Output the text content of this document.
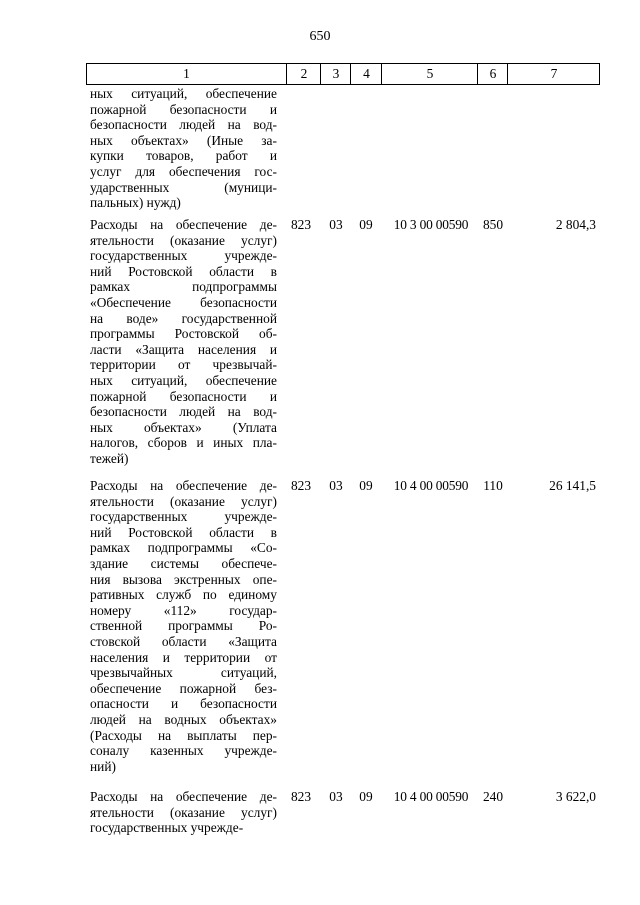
650
1	2	3	4	5	6	7
ных ситуаций, обеспечение
пожарной безопасности и
безопасности людей на вод-
ных объектах» (Иные за-
купки товаров, работ и
услуг для обеспечения гос-
ударственных	(муници-
пальных) нужд)
Расходы на обеспечение де-
ятельности (оказание услуг)
государственных	учрежде-
ний Ростовской области в
рамках	подпрограммы
«Обеспечение безопасности
на воде» государственной
программы Ростовской об-
ласти «Защита населения и
территории от чрезвычай-
ных ситуаций, обеспечение
пожарной безопасности и
безопасности людей на вод-
ных объектах» (Уплата
налогов, сборов и иных пла-
тежей)
823	03	09	10 3 00 00590	850	2 804,3
Расходы на обеспечение де-
ятельности (оказание услуг)
государственных	учрежде-
ний Ростовской области в
рамках подпрограммы «Со-
здание системы обеспече-
ния вызова экстренных опе-
ративных служб по единому
номеру «112» государ-
ственной программы Ро-
стовской области «Защита
населения и территории от
чрезвычайных	ситуаций,
обеспечение пожарной без-
опасности и безопасности
людей на водных объектах»
(Расходы на выплаты пер-
соналу казенных учрежде-
ний)
823	03	09	10 4 00 00590	110	26 141,5
Расходы на обеспечение де-
ятельности (оказание услуг)
государственных учрежде-
823	03	09	10 4 00 00590	240	3 622,0
